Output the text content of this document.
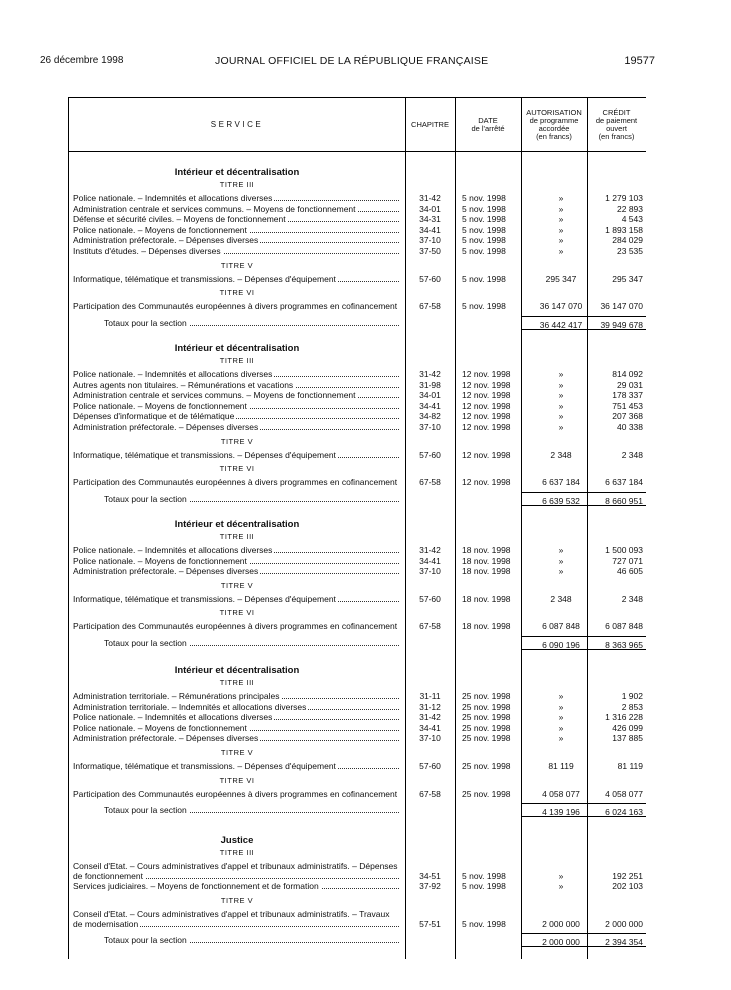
26 décembre 1998	JOURNAL OFFICIEL DE LA RÉPUBLIQUE FRANÇAISE	19577
SERVICE	CHAPITRE	DATE
de l'arrêté
AUTORISATION
de programme
accordée
(en francs)
CRÉDIT
de paiement
ouvert
(en francs)
Intérieur et décentralisation
TITRE III
Police nationale. – Indemnités et allocations diverses	31-42	5 nov. 1998	»	1 279 103
Administration centrale et services communs. – Moyens de fonctionnement	34-01	5 nov. 1998	»	22 893
Défense et sécurité civiles. – Moyens de fonctionnement	34-31	5 nov. 1998	»	4 543
Police nationale. – Moyens de fonctionnement	34-41	5 nov. 1998	»	1 893 158
Administration préfectorale. – Dépenses diverses	37-10	5 nov. 1998	»	284 029
Instituts d'études. – Dépenses diverses	37-50	5 nov. 1998	»	23 535
TITRE V
Informatique, télématique et transmissions. – Dépenses d'équipement	57-60	5 nov. 1998	295 347	295 347
TITRE VI
Participation des Communautés européennes à divers programmes en cofinancement	67-58	5 nov. 1998	36 147 070	36 147 070
Totaux pour la section	36 442 417	39 949 678
Intérieur et décentralisation
TITRE III
Police nationale. – Indemnités et allocations diverses	31-42	12 nov. 1998	»	814 092
Autres agents non titulaires. – Rémunérations et vacations	31-98	12 nov. 1998	»	29 031
Administration centrale et services communs. – Moyens de fonctionnement	34-01	12 nov. 1998	»	178 337
Police nationale. – Moyens de fonctionnement	34-41	12 nov. 1998	»	751 453
Dépenses d'informatique et de télématique	34-82	12 nov. 1998	»	207 368
Administration préfectorale. – Dépenses diverses	37-10	12 nov. 1998	»	40 338
TITRE V
Informatique, télématique et transmissions. – Dépenses d'équipement	57-60	12 nov. 1998	2 348	2 348
TITRE VI
Participation des Communautés européennes à divers programmes en cofinancement	67-58	12 nov. 1998	6 637 184	6 637 184
Totaux pour la section	6 639 532	8 660 951
Intérieur et décentralisation
TITRE III
Police nationale. – Indemnités et allocations diverses	31-42	18 nov. 1998	»	1 500 093
Police nationale. – Moyens de fonctionnement	34-41	18 nov. 1998	»	727 071
Administration préfectorale. – Dépenses diverses	37-10	18 nov. 1998	»	46 605
TITRE V
Informatique, télématique et transmissions. – Dépenses d'équipement	57-60	18 nov. 1998	2 348	2 348
TITRE VI
Participation des Communautés européennes à divers programmes en cofinancement	67-58	18 nov. 1998	6 087 848	6 087 848
Totaux pour la section	6 090 196	8 363 965
Intérieur et décentralisation
TITRE III
Administration territoriale. – Rémunérations principales	31-11	25 nov. 1998	»	1 902
Administration territoriale. – Indemnités et allocations diverses	31-12	25 nov. 1998	»	2 853
Police nationale. – Indemnités et allocations diverses	31-42	25 nov. 1998	»	1 316 228
Police nationale. – Moyens de fonctionnement	34-41	25 nov. 1998	»	426 099
Administration préfectorale. – Dépenses diverses	37-10	25 nov. 1998	»	137 885
TITRE V
Informatique, télématique et transmissions. – Dépenses d'équipement	57-60	25 nov. 1998	81 119	81 119
TITRE VI
Participation des Communautés européennes à divers programmes en cofinancement	67-58	25 nov. 1998	4 058 077	4 058 077
Totaux pour la section	4 139 196	6 024 163
Justice
TITRE III
Conseil d'Etat. – Cours administratives d'appel et tribunaux administratifs. – Dépenses de fonctionnement	34-51	5 nov. 1998	»	192 251
Services judiciaires. – Moyens de fonctionnement et de formation	37-92	5 nov. 1998	»	202 103
TITRE V
Conseil d'Etat. – Cours administratives d'appel et tribunaux administratifs. – Travaux de modernisation	57-51	5 nov. 1998	2 000 000	2 000 000
Totaux pour la section	2 000 000	2 394 354
